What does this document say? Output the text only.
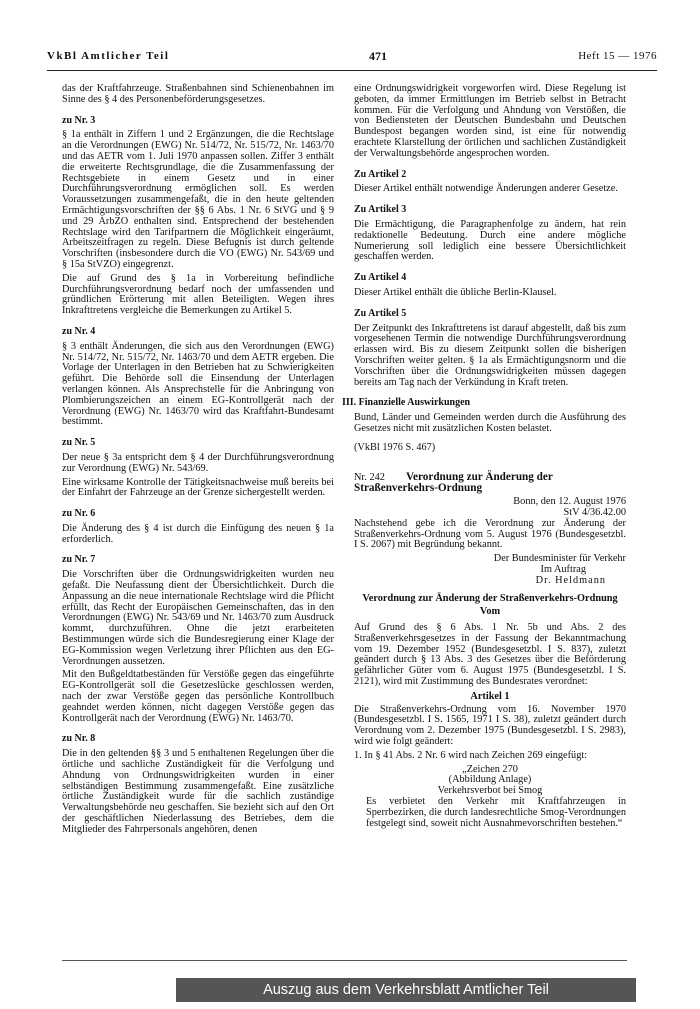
VkBl Amtlicher Teil	471	Heft 15 — 1976

das der Kraftfahrzeuge. Straßenbahnen sind Schienenbahnen im Sinne des § 4 des Personenbeförderungsgesetzes.

zu Nr. 3

§ 1a enthält in Ziffern 1 und 2 Ergänzungen, die die Rechtslage an die Verordnungen (EWG) Nr. 514/72, Nr. 515/72, Nr. 1463/70 und das AETR vom 1. Juli 1970 anpassen sollen. Ziffer 3 enthält die erweiterte Rechtsgrundlage, die die Zusammenfassung der Rechtsgebiete in einem Gesetz und in einer Durchführungsverordnung ermöglichen soll. Es werden Voraussetzungen zusammengefaßt, die in den heute geltenden Ermächtigungsvorschriften der §§ 6 Abs. 1 Nr. 6 StVG und § 9 und 29 ArbZO enthalten sind. Entsprechend der bestehenden Rechtslage wird den Tarifpartnern die Möglichkeit eingeräumt, Arbeitszeitfragen zu regeln. Diese Befugnis ist durch geltende Vorschriften (insbesondere durch die VO (EWG) Nr. 543/69 und § 15a StVZO) eingegrenzt.

Die auf Grund des § 1a in Vorbereitung befindliche Durchführungsverordnung bedarf noch der umfassenden und gründlichen Erörterung mit allen Beteiligten. Wegen ihres Inkrafttretens vergleiche die Bemerkungen zu Artikel 5.

zu Nr. 4

§ 3 enthält Änderungen, die sich aus den Verordnungen (EWG) Nr. 514/72, Nr. 515/72, Nr. 1463/70 und dem AETR ergeben. Die Vorlage der Unterlagen in den Betrieben hat zu Schwierigkeiten geführt. Die Behörde soll die Einsendung der Unterlagen verlangen können. Als Ansprechstelle für die Anbringung von Plombierungszeichen an einem EG-Kontrollgerät nach der Verordnung (EWG) Nr. 1463/70 wird das Kraftfahrt-Bundesamt bestimmt.

zu Nr. 5

Der neue § 3a entspricht dem § 4 der Durchführungsverordnung zur Verordnung (EWG) Nr. 543/69.

Eine wirksame Kontrolle der Tätigkeitsnachweise muß bereits bei der Einfahrt der Fahrzeuge an der Grenze sichergestellt werden.

zu Nr. 6

Die Änderung des § 4 ist durch die Einfügung des neuen § 1a erforderlich.

zu Nr. 7

Die Vorschriften über die Ordnungswidrigkeiten wurden neu gefaßt. Die Neufassung dient der Übersichtlichkeit. Durch die Anpassung an die neue internationale Rechtslage wird die Pflicht erfüllt, das Recht der Europäischen Gemeinschaften, das in den Verordnungen (EWG) Nr. 543/69 und Nr. 1463/70 zum Ausdruck kommt, durchzuführen. Ohne die jetzt erarbeiteten Bestimmungen würde sich die Bundesregierung einer Klage der EG-Kommission wegen Verletzung ihrer Pflichten aus den EG-Verordnungen aussetzen.

Mit den Bußgeldtatbeständen für Verstöße gegen das eingeführte EG-Kontrollgerät soll die Gesetzeslücke geschlossen werden, nach der zwar Verstöße gegen das persönliche Kontrollbuch geahndet werden können, nicht dagegen Verstöße gegen das Kontrollgerät nach der Verordnung (EWG) Nr. 1463/70.

zu Nr. 8

Die in den geltenden §§ 3 und 5 enthaltenen Regelungen über die örtliche und sachliche Zuständigkeit für die Verfolgung und Ahndung von Ordnungswidrigkeiten wurden in einer selbständigen Bestimmung zusammengefaßt. Eine zusätzliche örtliche Zuständigkeit wurde für die sachlich zuständige Verwaltungsbehörde neu geschaffen. Sie bezieht sich auf den Ort der geschäftlichen Niederlassung des Betriebes, dem die Mitglieder des Fahrpersonals angehören, denen

eine Ordnungswidrigkeit vorgeworfen wird. Diese Regelung ist geboten, da immer Ermittlungen im Betrieb selbst in Betracht kommen. Für die Verfolgung und Ahndung von Verstößen, die von Bediensteten der Deutschen Bundesbahn und Deutschen Bundespost begangen worden sind, ist eine für notwendig erachtete Klarstellung der örtlichen und sachlichen Zuständigkeit der Verwaltungsbehörde angesprochen worden.

Zu Artikel 2

Dieser Artikel enthält notwendige Änderungen anderer Gesetze.

Zu Artikel 3

Die Ermächtigung, die Paragraphenfolge zu ändern, hat rein redaktionelle Bedeutung. Durch eine andere mögliche Numerierung soll lediglich eine bessere Übersichtlichkeit geschaffen werden.

Zu Artikel 4

Dieser Artikel enthält die übliche Berlin-Klausel.

Zu Artikel 5

Der Zeitpunkt des Inkrafttretens ist darauf abgestellt, daß bis zum vorgesehenen Termin die notwendige Durchführungsverordnung erlassen wird. Bis zu diesem Zeitpunkt sollen die bisherigen Vorschriften weiter gelten. § 1a als Ermächtigungsnorm und die Vorschriften über die Ordnungswidrigkeiten müssen dagegen bereits am Tag nach der Verkündung in Kraft treten.

III. Finanzielle Auswirkungen

Bund, Länder und Gemeinden werden durch die Ausführung des Gesetzes nicht mit zusätzlichen Kosten belastet.

(VkBl 1976 S. 467)

Nr. 242 Verordnung zur Änderung der Straßenverkehrs-Ordnung

Bonn, den 12. August 1976

StV 4/36.42.00

Nachstehend gebe ich die Verordnung zur Änderung der Straßenverkehrs-Ordnung vom 5. August 1976 (Bundesgesetzbl. I S. 2067) mit Begründung bekannt.

Der Bundesminister für Verkehr

Im Auftrag

Dr. Heldmann

Verordnung zur Änderung der Straßenverkehrs-Ordnung

Vom

Auf Grund des § 6 Abs. 1 Nr. 5b und Abs. 2 des Straßenverkehrsgesetzes in der Fassung der Bekanntmachung vom 19. Dezember 1952 (Bundesgesetzbl. I S. 837), zuletzt geändert durch § 13 Abs. 3 des Gesetzes über die Beförderung gefährlicher Güter vom 6. August 1975 (Bundesgesetzbl. I S. 2121), wird mit Zustimmung des Bundesrates verordnet:

Artikel 1

Die Straßenverkehrs-Ordnung vom 16. November 1970 (Bundesgesetzbl. I S. 1565, 1971 I S. 38), zuletzt geändert durch Verordnung vom 2. Dezember 1975 (Bundesgesetzbl. I S. 2983), wird wie folgt geändert:

1. In § 41 Abs. 2 Nr. 6 wird nach Zeichen 269 eingefügt:

„Zeichen 270

(Abbildung Anlage)

Verkehrsverbot bei Smog

Es verbietet den Verkehr mit Kraftfahrzeugen in Sperrbezirken, die durch landesrechtliche Smog-Verordnungen festgelegt sind, soweit nicht Ausnahmevorschriften bestehen.“

Auszug aus dem Verkehrsblatt Amtlicher Teil
